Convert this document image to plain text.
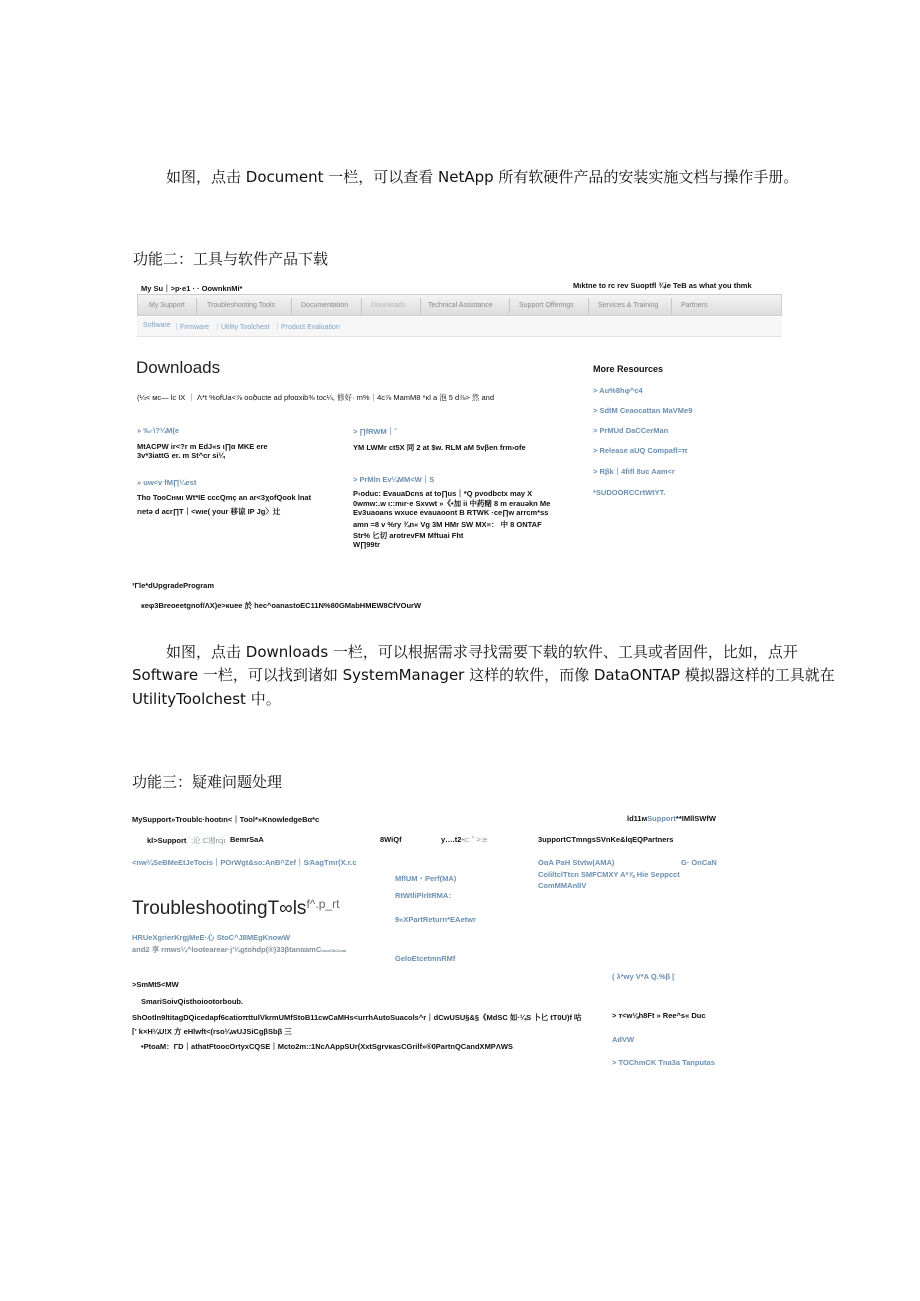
如图，点击 Document 一栏，可以查看 NetApp 所有软硬件产品的安装实施文档与操作手册。
功能二：工具与软件产品下载
My Su｜>p·e1 · · OownknMi*	Mıktne to rc rev Suoptfl ¾ie TeB as what you thmk
My Support	Troubleshooting Tools	Documentation	Downloads	Technical Assistance	Support Offerings	Services & Training	Partners
Software ｜Firmware ｜Utility Toolchest ｜Product Evaluation
Downloads
(¼< мс— lc IX ｜ Λ*t %ofUa<⅞ ooծucte ad pfoαxib⅜ toc¼, 修好· m%｜4c⅞ MamM8 *κl a 泡 5 d⅞> 然 and
» ‰·\?¼M(e
MtACPW ir<?r m EdJ«s ι∏α MKE ere
3v*3iattG er. m St^cr si¼
> ∏fRWM｜˜
YM LWMr ct5X 同 2 at $w. RLM aM 5vβen frm›ofe
» uw<v fM∏¼est
Tho TooCнмı Wt*IE cccQmç an ar<3χofQook lnat
rıetə d acr∏T｜<wıe( your 移谅 IP Jg〉辻
> PrMln Ev¼MM<W｜S
P‹oduc: EvauaDcns at to∏us｜*Q pvodbctx may X
0wmw:.w ı::mır·e Sxvwt »《•加 ii 中药赌 8 m erauəkn Me
Ev3uaoans wxuce evauaoont B RTWK ·ce∏w arrcm*ss
amn =8 v %ry ¾n« Vg 3M HMr SW MX≡： 中 8 ONTAF
Str% 匕切 arotrevFM Mftuai Fht
W∏99tr
More Resources
> Au%8hφ^c4
> SdtM Ceaocattan MaVMe9
> PrMUd DaCCerMan
> Release aUQ Compafl=π
> Rβk｜4fifl 8uc Aam<r
*SUDOORCCrtWtYT.
³Γle*dUpgradeProgram
кeφ3Breoeetgnof/ΛX)e>кuee 於 hec^oanastoEC11N%80GMabHMEW8CfVOurW
如图，点击 Downloads 一栏，可以根据需求寻找需要下载的软件、工具或者固件，比如，点开
Software 一栏，可以找到诸如 SystemManager 这样的软件，而像 DataONTAP 模拟器这样的工具就在
UtilityToolchest 中。
功能三：疑难问题处理
MySupport»Troublc·hootın<｜Tool*»KnowledgeBα*c	ld11мSupport**IMllSWfW
kl>Support ˙;论 C湘rcjι BemrSaA	8WiQf	y….t2•c: ˚ >:e	3upportCTmngsSVnKe&lqEQPartners
<nw¼SeBMeEtJeTocis｜POrWgt&so:AnB^Zef｜S∕AagTmr(X.r.c
MflUM・Perf(MA)
RtWtliPlrltRMA：
9«XPartReturn*EAetwr
GeloEtcetmnRMf
OαA PaH Stvtw(AMA)	G· OnCaN
ColiltclTtcn SMFCMXY A*⅞ Hie Seppcct
ComMMAnlIV
$TroubleshootingT\infty ls^{f\^{}.p\_rt}$
HRUeXgrierKrgjMeE·心 StoC^J8MEgKnowW
and2 享 rmws¼^lootearear·j'¼gtohdp(®)33βtanαamCtocaCBCmaa
( λ*wy V*A Q.%β [
>SmMt5<MW
SmariSoivQisthoiootorboub.
ShOotln9ltitagDQicedapf6cаtioπttulVkrmUMfStoB11cwCaMHs<urrhAutoSuacols^r｜dCwUSU§&§《MdSC 如·¼S 卜匕 tT0U)f 咕
⌈' k×H¼U!X 方 eHlwft<(rso¼wUJSiCgβSbβ 三
•PtoaM：ΓD｜athatFtoocOrtyxCQSE｜Mcto2m::1NcΛAppSUr(XxtSgrvκasCGrilf»®0PartnQCandXMPΛWS
> т<w⅛h8Ft » Ree^s« Duc
AdVW
> TOChmCK Tna3a Tanputas
